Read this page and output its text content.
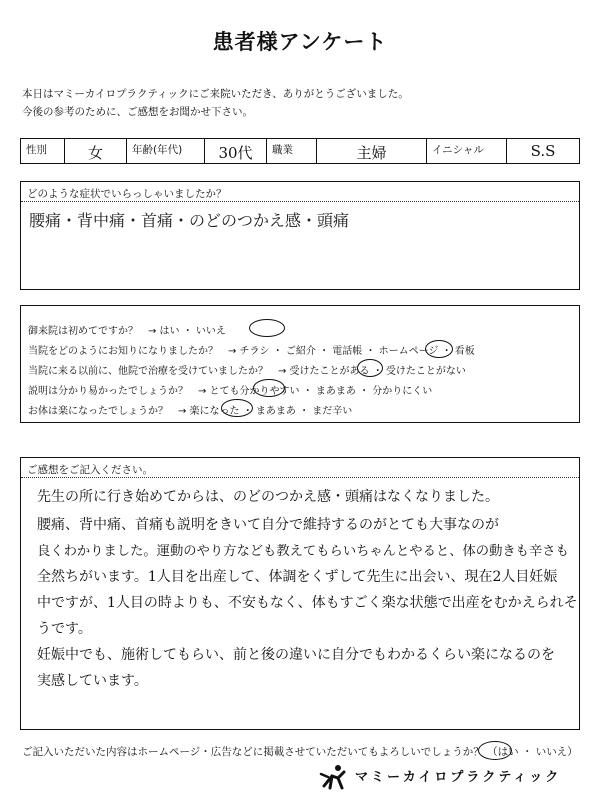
患者様アンケート
本日はマミーカイロプラクティックにご来院いただき、ありがとうございました。
今後の参考のために、ご感想をお聞かせ下さい。
性別	女	年齢(年代)	30代	職業	主婦	イニシャル	S.S
どのような症状でいらっしゃいましたか？
腰痛・背中痛・首痛・のどのつかえ感・頭痛
御来院は初めてですか？　→ はい ・ いいえ
当院をどのようにお知りになりましたか？　→ チラシ ・ ご紹介 ・ 電話帳 ・ ホームページ ・ 看板
当院に来る以前に、他院で治療を受けていましたか？　→ 受けたことがある ・ 受けたことがない
説明は分かり易かったでしょうか？　→ とても分かりやすい ・ まあまあ ・ 分かりにくい
お体は楽になったでしょうか？　→ 楽になった ・ まあまあ ・ まだ辛い
ご感想をご記入ください。
先生の所に行き始めてからは、のどのつかえ感・頭痛はなくなりました。
腰痛、背中痛、首痛も説明をきいて自分で維持するのがとても大事なのが
良くわかりました。運動のやり方なども教えてもらいちゃんとやると、体の動きも辛さも
全然ちがいます。1人目を出産して、体調をくずして先生に出会い、現在2人目妊娠
中ですが、1人目の時よりも、不安もなく、体もすごく楽な状態で出産をむかえられそ
うです。
妊娠中でも、施術してもらい、前と後の違いに自分でもわかるくらい楽になるのを
実感しています。
ご記入いただいた内容はホームページ・広告などに掲載させていただいてもよろしいでしょうか？ （はい ・ いいえ）
マミーカイロプラクティック
